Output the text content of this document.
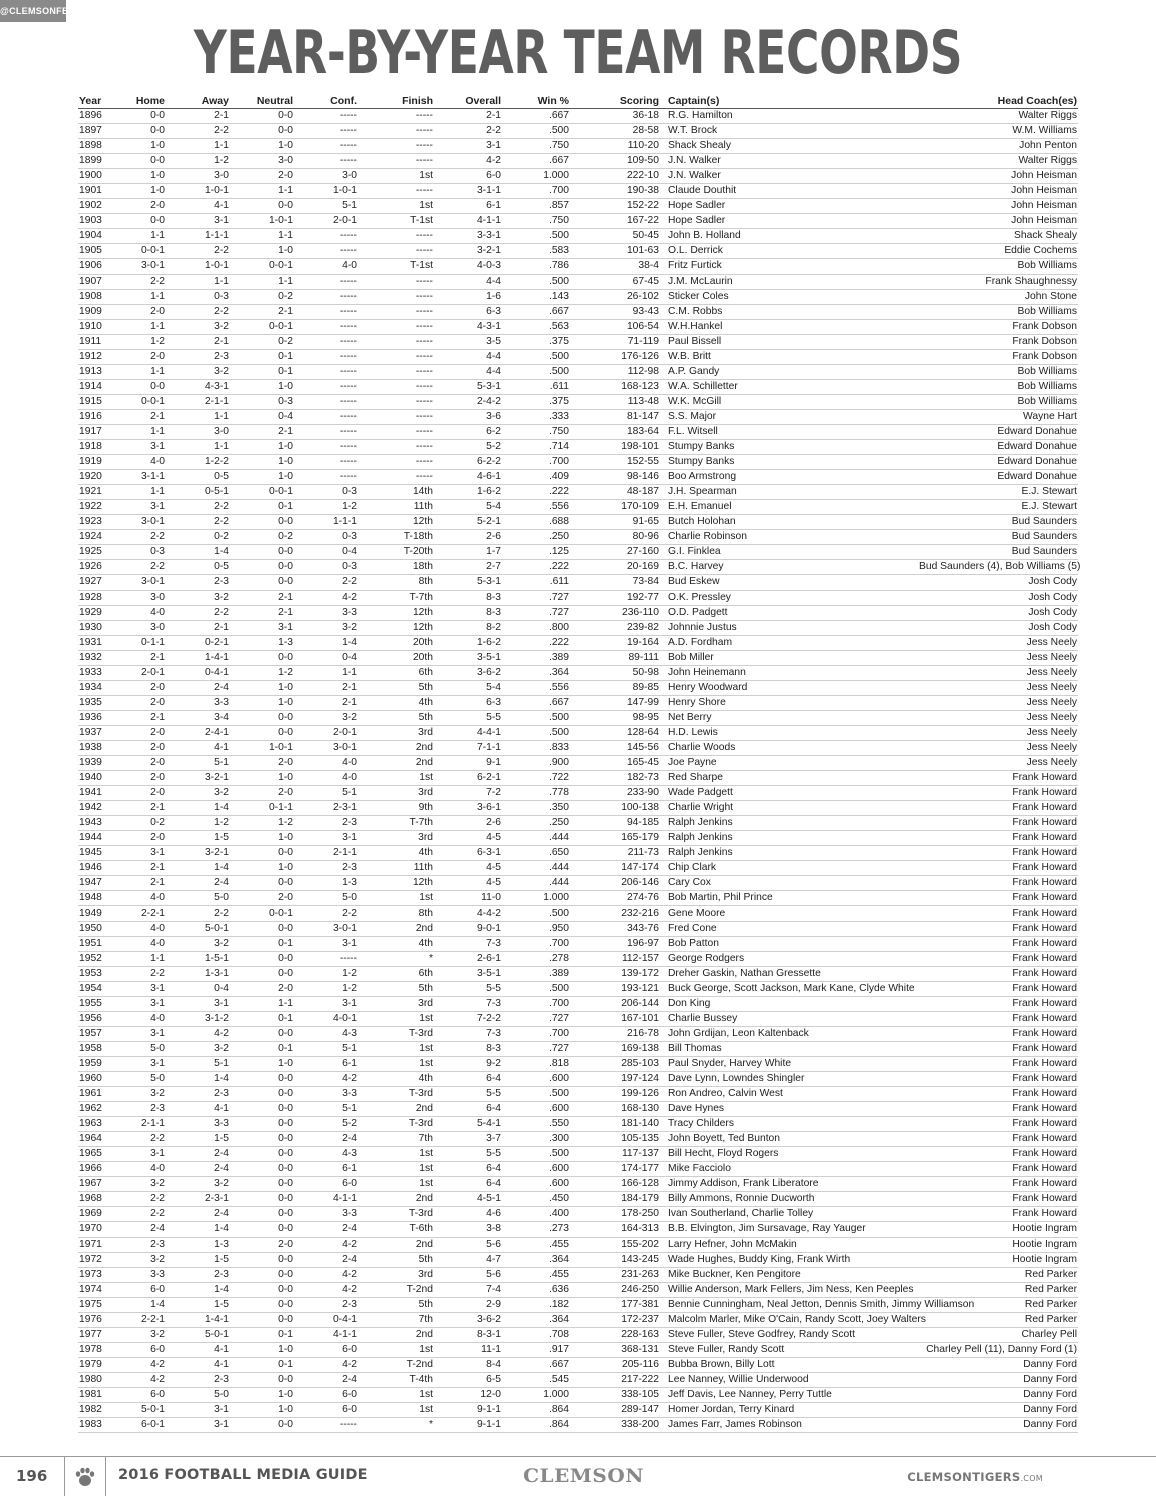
@CLEMSONFB
YEAR-BY-YEAR TEAM RECORDS
Year	Home	Away	Neutral	Conf.	Finish	Overall	Win %	Scoring	Captain(s)	Head Coach(es)
1896	0-0	2-1	0-0	-----	-----	2-1	.667	36-18	R.G. Hamilton	Walter Riggs
1897	0-0	2-2	0-0	-----	-----	2-2	.500	28-58	W.T. Brock	W.M. Williams
1898	1-0	1-1	1-0	-----	-----	3-1	.750	110-20	Shack Shealy	John Penton
1899	0-0	1-2	3-0	-----	-----	4-2	.667	109-50	J.N. Walker	Walter Riggs
1900	1-0	3-0	2-0	3-0	1st	6-0	1.000	222-10	J.N. Walker	John Heisman
1901	1-0	1-0-1	1-1	1-0-1	-----	3-1-1	.700	190-38	Claude Douthit	John Heisman
1902	2-0	4-1	0-0	5-1	1st	6-1	.857	152-22	Hope Sadler	John Heisman
1903	0-0	3-1	1-0-1	2-0-1	T-1st	4-1-1	.750	167-22	Hope Sadler	John Heisman
1904	1-1	1-1-1	1-1	-----	-----	3-3-1	.500	50-45	John B. Holland	Shack Shealy
1905	0-0-1	2-2	1-0	-----	-----	3-2-1	.583	101-63	O.L. Derrick	Eddie Cochems
1906	3-0-1	1-0-1	0-0-1	4-0	T-1st	4-0-3	.786	38-4	Fritz Furtick	Bob Williams
1907	2-2	1-1	1-1	-----	-----	4-4	.500	67-45	J.M. McLaurin	Frank Shaughnessy
1908	1-1	0-3	0-2	-----	-----	1-6	.143	26-102	Sticker Coles	John Stone
1909	2-0	2-2	2-1	-----	-----	6-3	.667	93-43	C.M. Robbs	Bob Williams
1910	1-1	3-2	0-0-1	-----	-----	4-3-1	.563	106-54	W.H.Hankel	Frank Dobson
1911	1-2	2-1	0-2	-----	-----	3-5	.375	71-119	Paul Bissell	Frank Dobson
1912	2-0	2-3	0-1	-----	-----	4-4	.500	176-126	W.B. Britt	Frank Dobson
1913	1-1	3-2	0-1	-----	-----	4-4	.500	112-98	A.P. Gandy	Bob Williams
1914	0-0	4-3-1	1-0	-----	-----	5-3-1	.611	168-123	W.A. Schilletter	Bob Williams
1915	0-0-1	2-1-1	0-3	-----	-----	2-4-2	.375	113-48	W.K. McGill	Bob Williams
1916	2-1	1-1	0-4	-----	-----	3-6	.333	81-147	S.S. Major	Wayne Hart
1917	1-1	3-0	2-1	-----	-----	6-2	.750	183-64	F.L. Witsell	Edward Donahue
1918	3-1	1-1	1-0	-----	-----	5-2	.714	198-101	Stumpy Banks	Edward Donahue
1919	4-0	1-2-2	1-0	-----	-----	6-2-2	.700	152-55	Stumpy Banks	Edward Donahue
1920	3-1-1	0-5	1-0	-----	-----	4-6-1	.409	98-146	Boo Armstrong	Edward Donahue
1921	1-1	0-5-1	0-0-1	0-3	14th	1-6-2	.222	48-187	J.H. Spearman	E.J. Stewart
1922	3-1	2-2	0-1	1-2	11th	5-4	.556	170-109	E.H. Emanuel	E.J. Stewart
1923	3-0-1	2-2	0-0	1-1-1	12th	5-2-1	.688	91-65	Butch Holohan	Bud Saunders
1924	2-2	0-2	0-2	0-3	T-18th	2-6	.250	80-96	Charlie Robinson	Bud Saunders
1925	0-3	1-4	0-0	0-4	T-20th	1-7	.125	27-160	G.I. Finklea	Bud Saunders
1926	2-2	0-5	0-0	0-3	18th	2-7	.222	20-169	B.C. Harvey	Bud Saunders (4), Bob Williams (5)
1927	3-0-1	2-3	0-0	2-2	8th	5-3-1	.611	73-84	Bud Eskew	Josh Cody
1928	3-0	3-2	2-1	4-2	T-7th	8-3	.727	192-77	O.K. Pressley	Josh Cody
1929	4-0	2-2	2-1	3-3	12th	8-3	.727	236-110	O.D. Padgett	Josh Cody
1930	3-0	2-1	3-1	3-2	12th	8-2	.800	239-82	Johnnie Justus	Josh Cody
1931	0-1-1	0-2-1	1-3	1-4	20th	1-6-2	.222	19-164	A.D. Fordham	Jess Neely
1932	2-1	1-4-1	0-0	0-4	20th	3-5-1	.389	89-111	Bob Miller	Jess Neely
1933	2-0-1	0-4-1	1-2	1-1	6th	3-6-2	.364	50-98	John Heinemann	Jess Neely
1934	2-0	2-4	1-0	2-1	5th	5-4	.556	89-85	Henry Woodward	Jess Neely
1935	2-0	3-3	1-0	2-1	4th	6-3	.667	147-99	Henry Shore	Jess Neely
1936	2-1	3-4	0-0	3-2	5th	5-5	.500	98-95	Net Berry	Jess Neely
1937	2-0	2-4-1	0-0	2-0-1	3rd	4-4-1	.500	128-64	H.D. Lewis	Jess Neely
1938	2-0	4-1	1-0-1	3-0-1	2nd	7-1-1	.833	145-56	Charlie Woods	Jess Neely
1939	2-0	5-1	2-0	4-0	2nd	9-1	.900	165-45	Joe Payne	Jess Neely
1940	2-0	3-2-1	1-0	4-0	1st	6-2-1	.722	182-73	Red Sharpe	Frank Howard
1941	2-0	3-2	2-0	5-1	3rd	7-2	.778	233-90	Wade Padgett	Frank Howard
1942	2-1	1-4	0-1-1	2-3-1	9th	3-6-1	.350	100-138	Charlie Wright	Frank Howard
1943	0-2	1-2	1-2	2-3	T-7th	2-6	.250	94-185	Ralph Jenkins	Frank Howard
1944	2-0	1-5	1-0	3-1	3rd	4-5	.444	165-179	Ralph Jenkins	Frank Howard
1945	3-1	3-2-1	0-0	2-1-1	4th	6-3-1	.650	211-73	Ralph Jenkins	Frank Howard
1946	2-1	1-4	1-0	2-3	11th	4-5	.444	147-174	Chip Clark	Frank Howard
1947	2-1	2-4	0-0	1-3	12th	4-5	.444	206-146	Cary Cox	Frank Howard
1948	4-0	5-0	2-0	5-0	1st	11-0	1.000	274-76	Bob Martin, Phil Prince	Frank Howard
1949	2-2-1	2-2	0-0-1	2-2	8th	4-4-2	.500	232-216	Gene Moore	Frank Howard
1950	4-0	5-0-1	0-0	3-0-1	2nd	9-0-1	.950	343-76	Fred Cone	Frank Howard
1951	4-0	3-2	0-1	3-1	4th	7-3	.700	196-97	Bob Patton	Frank Howard
1952	1-1	1-5-1	0-0	-----	*	2-6-1	.278	112-157	George Rodgers	Frank Howard
1953	2-2	1-3-1	0-0	1-2	6th	3-5-1	.389	139-172	Dreher Gaskin, Nathan Gressette	Frank Howard
1954	3-1	0-4	2-0	1-2	5th	5-5	.500	193-121	Buck George, Scott Jackson, Mark Kane, Clyde White	Frank Howard
1955	3-1	3-1	1-1	3-1	3rd	7-3	.700	206-144	Don King	Frank Howard
1956	4-0	3-1-2	0-1	4-0-1	1st	7-2-2	.727	167-101	Charlie Bussey	Frank Howard
1957	3-1	4-2	0-0	4-3	T-3rd	7-3	.700	216-78	John Grdijan, Leon Kaltenback	Frank Howard
1958	5-0	3-2	0-1	5-1	1st	8-3	.727	169-138	Bill Thomas	Frank Howard
1959	3-1	5-1	1-0	6-1	1st	9-2	.818	285-103	Paul Snyder, Harvey White	Frank Howard
1960	5-0	1-4	0-0	4-2	4th	6-4	.600	197-124	Dave Lynn, Lowndes Shingler	Frank Howard
1961	3-2	2-3	0-0	3-3	T-3rd	5-5	.500	199-126	Ron Andreo, Calvin West	Frank Howard
1962	2-3	4-1	0-0	5-1	2nd	6-4	.600	168-130	Dave Hynes	Frank Howard
1963	2-1-1	3-3	0-0	5-2	T-3rd	5-4-1	.550	181-140	Tracy Childers	Frank Howard
1964	2-2	1-5	0-0	2-4	7th	3-7	.300	105-135	John Boyett, Ted Bunton	Frank Howard
1965	3-1	2-4	0-0	4-3	1st	5-5	.500	117-137	Bill Hecht, Floyd Rogers	Frank Howard
1966	4-0	2-4	0-0	6-1	1st	6-4	.600	174-177	Mike Facciolo	Frank Howard
1967	3-2	3-2	0-0	6-0	1st	6-4	.600	166-128	Jimmy Addison, Frank Liberatore	Frank Howard
1968	2-2	2-3-1	0-0	4-1-1	2nd	4-5-1	.450	184-179	Billy Ammons, Ronnie Ducworth	Frank Howard
1969	2-2	2-4	0-0	3-3	T-3rd	4-6	.400	178-250	Ivan Southerland, Charlie Tolley	Frank Howard
1970	2-4	1-4	0-0	2-4	T-6th	3-8	.273	164-313	B.B. Elvington, Jim Sursavage, Ray Yauger	Hootie Ingram
1971	2-3	1-3	2-0	4-2	2nd	5-6	.455	155-202	Larry Hefner, John McMakin	Hootie Ingram
1972	3-2	1-5	0-0	2-4	5th	4-7	.364	143-245	Wade Hughes, Buddy King, Frank Wirth	Hootie Ingram
1973	3-3	2-3	0-0	4-2	3rd	5-6	.455	231-263	Mike Buckner, Ken Pengitore	Red Parker
1974	6-0	1-4	0-0	4-2	T-2nd	7-4	.636	246-250	Willie Anderson, Mark Fellers, Jim Ness, Ken Peeples	Red Parker
1975	1-4	1-5	0-0	2-3	5th	2-9	.182	177-381	Bennie Cunningham, Neal Jetton, Dennis Smith, Jimmy Williamson	Red Parker
1976	2-2-1	1-4-1	0-0	0-4-1	7th	3-6-2	.364	172-237	Malcolm Marler, Mike O'Cain, Randy Scott, Joey Walters	Red Parker
1977	3-2	5-0-1	0-1	4-1-1	2nd	8-3-1	.708	228-163	Steve Fuller, Steve Godfrey, Randy Scott	Charley Pell
1978	6-0	4-1	1-0	6-0	1st	11-1	.917	368-131	Steve Fuller, Randy Scott	Charley Pell (11), Danny Ford (1)
1979	4-2	4-1	0-1	4-2	T-2nd	8-4	.667	205-116	Bubba Brown, Billy Lott	Danny Ford
1980	4-2	2-3	0-0	2-4	T-4th	6-5	.545	217-222	Lee Nanney, Willie Underwood	Danny Ford
1981	6-0	5-0	1-0	6-0	1st	12-0	1.000	338-105	Jeff Davis, Lee Nanney, Perry Tuttle	Danny Ford
1982	5-0-1	3-1	1-0	6-0	1st	9-1-1	.864	289-147	Homer Jordan, Terry Kinard	Danny Ford
1983	6-0-1	3-1	0-0	-----	*	9-1-1	.864	338-200	James Farr, James Robinson	Danny Ford
196	2016 FOOTBALL MEDIA GUIDE	CLEMSON	CLEMSONTIGERS.COM
